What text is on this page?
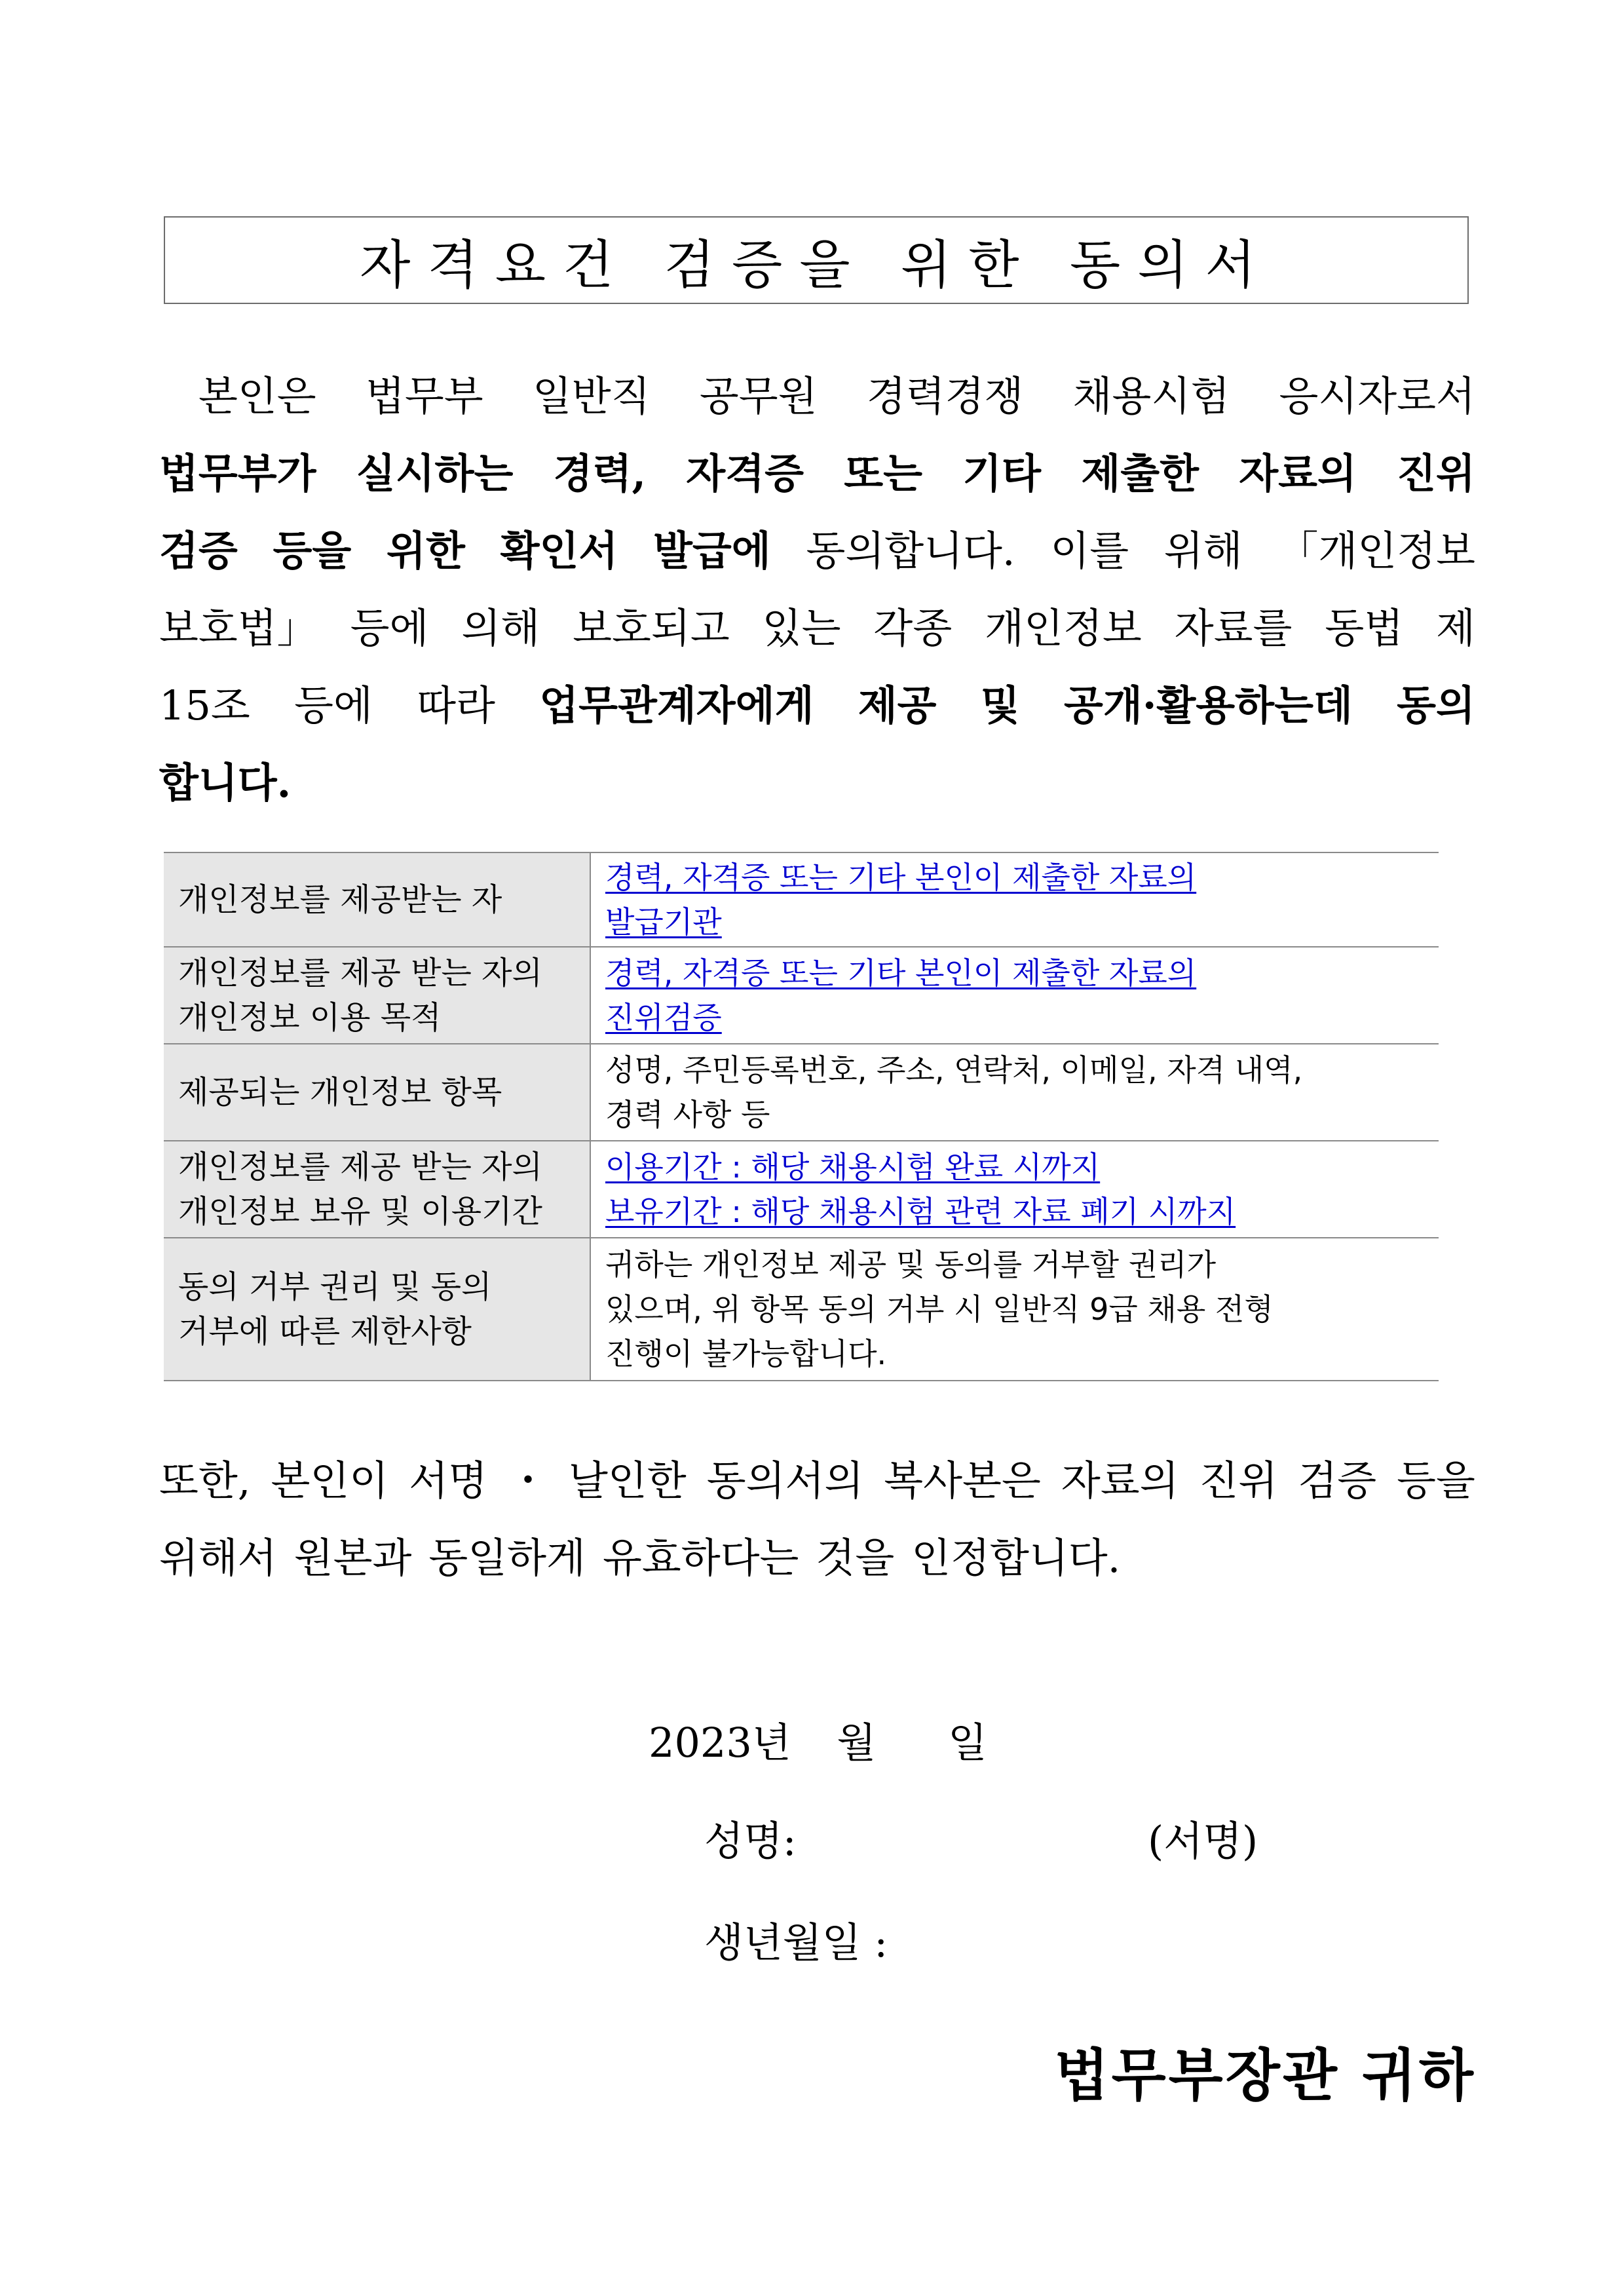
자격요건 검증을 위한 동의서
본인은 법무부 일반직 공무원 경력경쟁 채용시험 응시자로서
법무부가 실시하는 경력, 자격증 또는 기타 제출한 자료의 진위
검증 등을 위한 확인서 발급에 동의합니다. 이를 위해 「개인정보
보호법」 등에 의해 보호되고 있는 각종 개인정보 자료를 동법 제
15조 등에 따라 업무관계자에게 제공 및 공개·활용하는데 동의
합니다.
개인정보를 제공받는 자	경력, 자격증 또는 기타 본인이 제출한 자료의
발급기관
개인정보를 제공 받는 자의
개인정보 이용 목적	경력, 자격증 또는 기타 본인이 제출한 자료의
진위검증
제공되는 개인정보 항목	성명, 주민등록번호, 주소, 연락처, 이메일, 자격 내역,
경력 사항 등
개인정보를 제공 받는 자의
개인정보 보유 및 이용기간	이용기간 : 해당 채용시험 완료 시까지
보유기간 : 해당 채용시험 관련 자료 폐기 시까지
동의 거부 권리 및 동의
거부에 따른 제한사항	귀하는 개인정보 제공 및 동의를 거부할 권리가
있으며, 위 항목 동의 거부 시 일반직 9급 채용 전형
진행이 불가능합니다.
또한, 본인이 서명 ・ 날인한 동의서의 복사본은 자료의 진위 검증 등을
위해서 원본과 동일하게 유효하다는 것을 인정합니다.
2023년 월 일
성명:	(서명)
생년월일 :
법무부장관 귀하
